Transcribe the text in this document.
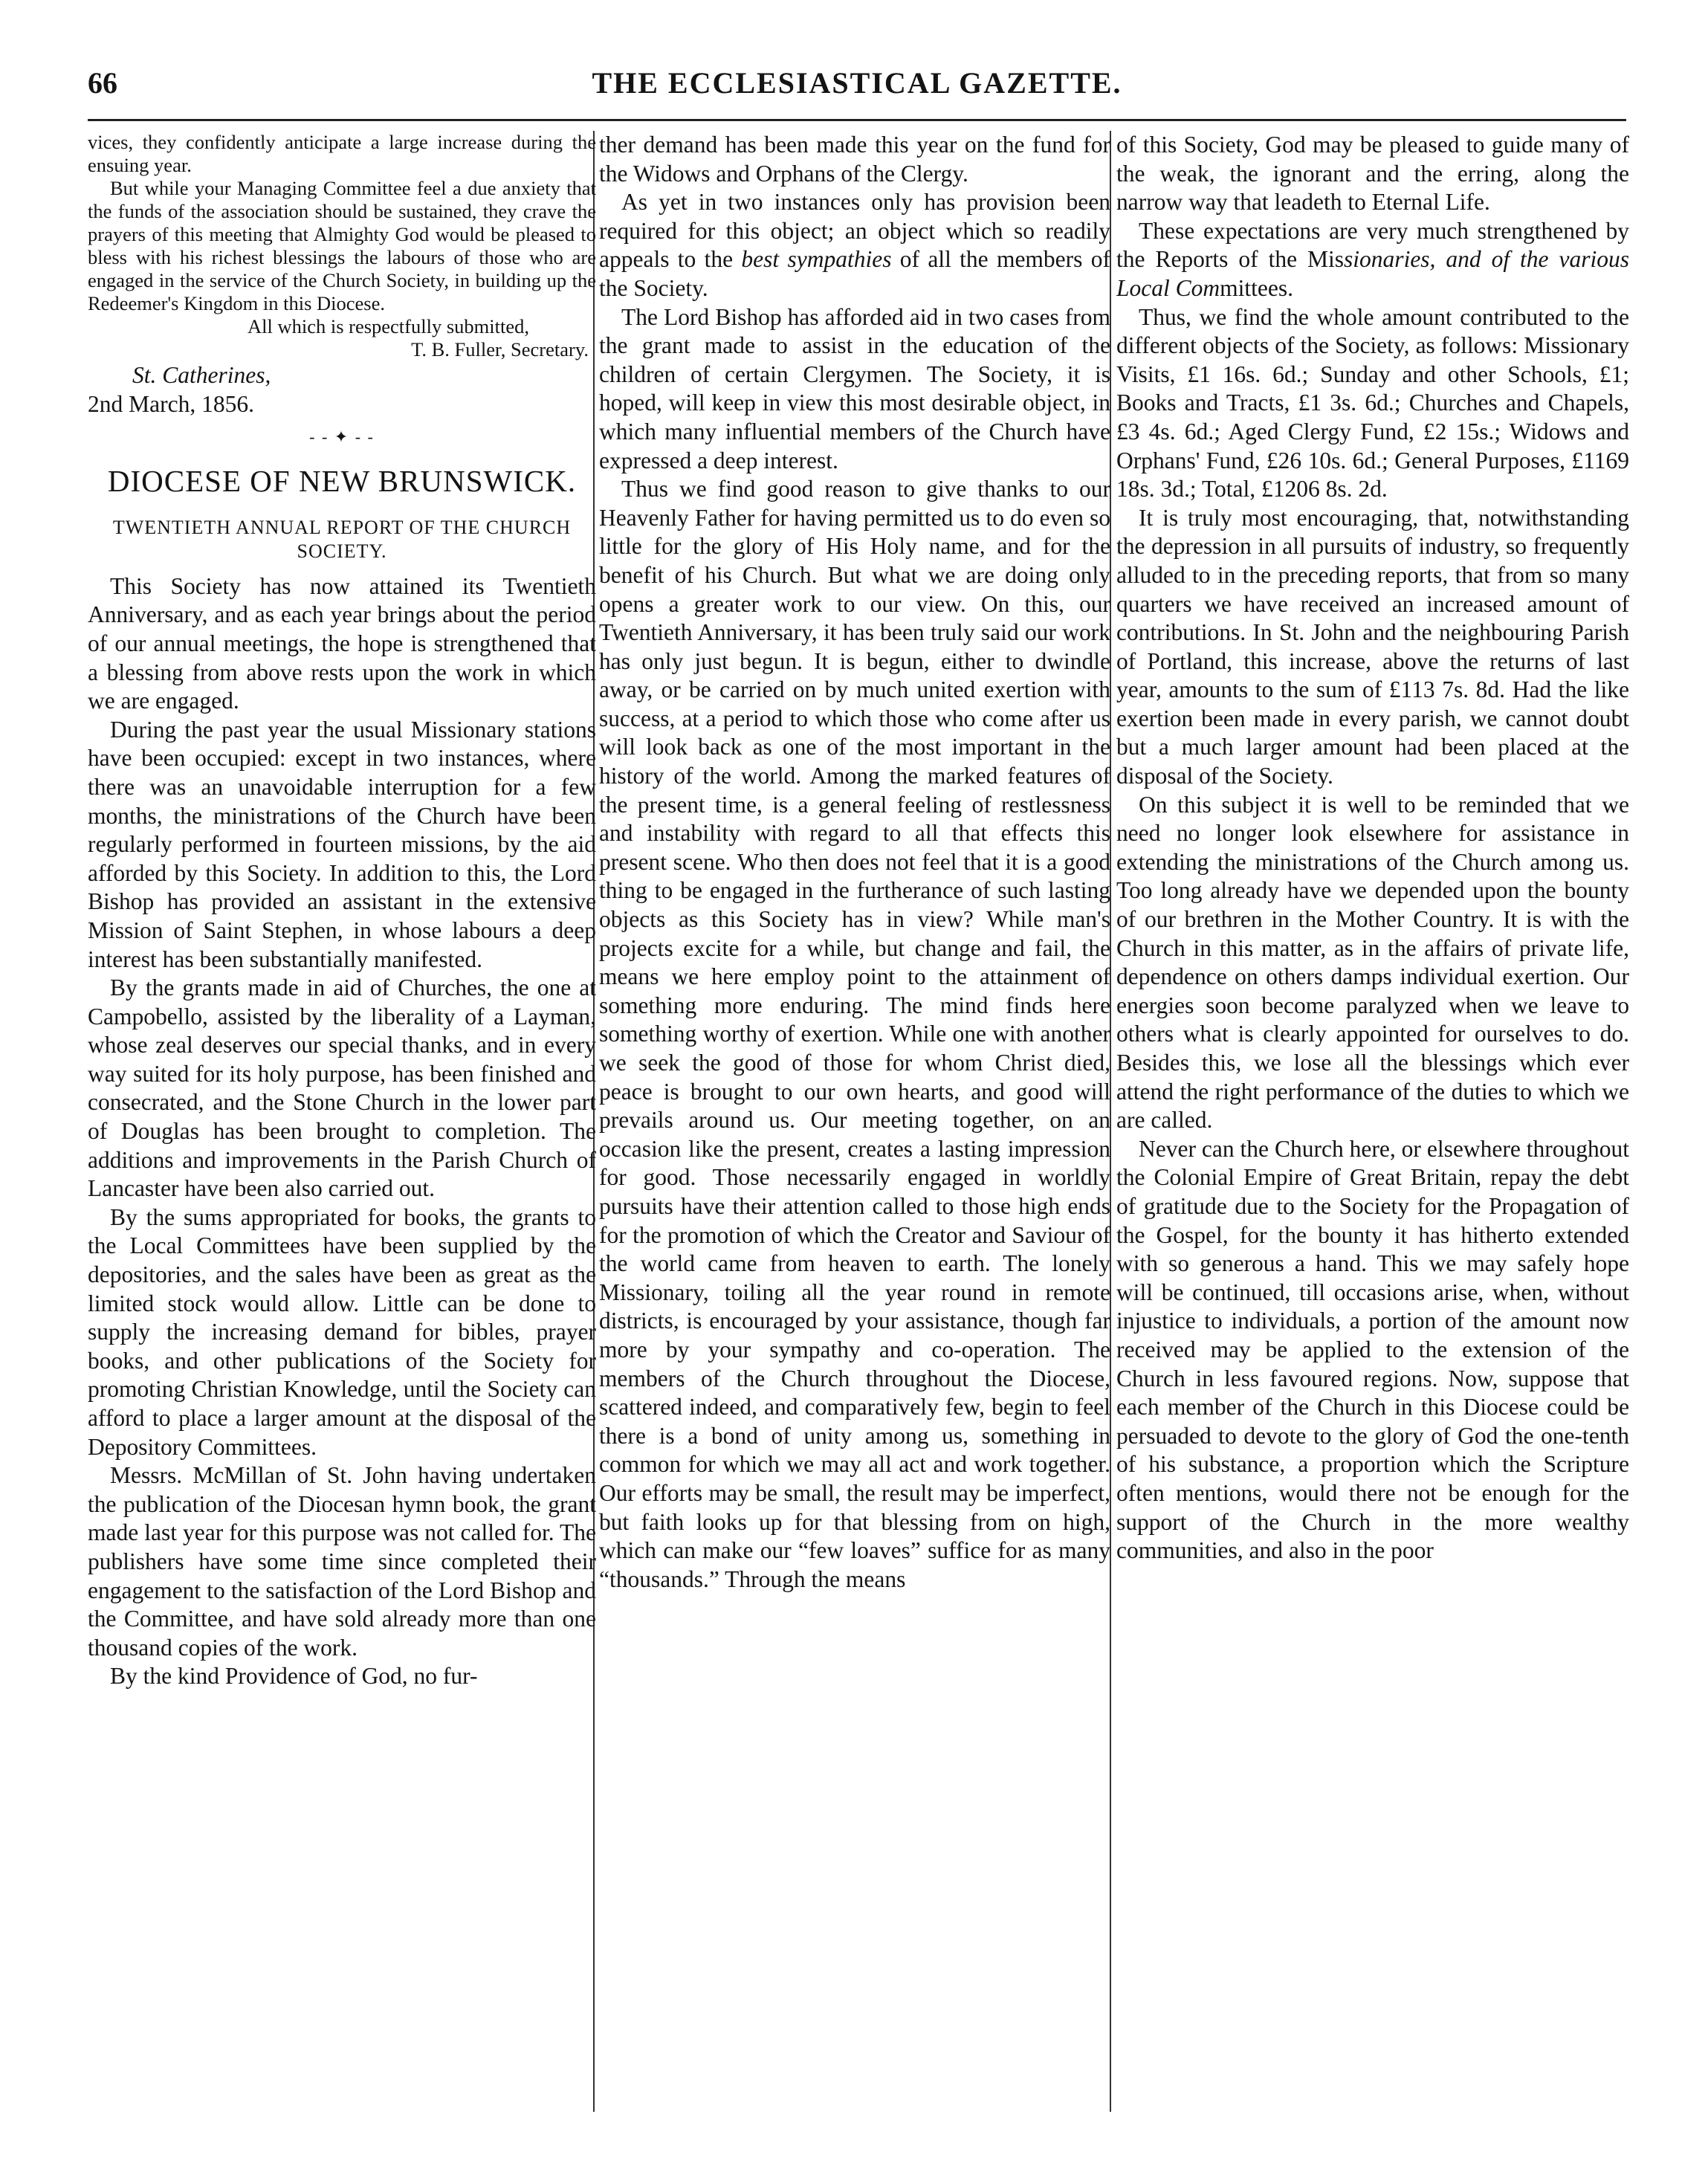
66	THE ECCLESIASTICAL GAZETTE.

vices, they confidently anticipate a large increase during the ensuing year.

But while your Managing Committee feel a due anxiety that the funds of the association should be sustained, they crave the prayers of this meeting that Almighty God would be pleased to bless with his richest blessings the labours of those who are engaged in the service of the Church Society, in building up the Redeemer's Kingdom in this Diocese.

All which is respectfully submitted,

T. B. Fuller, Secretary.

St. Catherines,

2nd March, 1856.

- - ✦ - -
DIOCESE OF NEW BRUNSWICK.
TWENTIETH ANNUAL REPORT OF THE CHURCH SOCIETY.

This Society has now attained its Twentieth Anniversary, and as each year brings about the period of our annual meetings, the hope is strengthened that a blessing from above rests upon the work in which we are engaged.

During the past year the usual Missionary stations have been occupied: except in two instances, where there was an unavoidable interruption for a few months, the ministrations of the Church have been regularly performed in fourteen missions, by the aid afforded by this Society. In addition to this, the Lord Bishop has provided an assistant in the extensive Mission of Saint Stephen, in whose labours a deep interest has been substantially manifested.

By the grants made in aid of Churches, the one at Campobello, assisted by the liberality of a Layman, whose zeal deserves our special thanks, and in every way suited for its holy purpose, has been finished and consecrated, and the Stone Church in the lower part of Douglas has been brought to completion. The additions and improvements in the Parish Church of Lancaster have been also carried out.

By the sums appropriated for books, the grants to the Local Committees have been supplied by the depositories, and the sales have been as great as the limited stock would allow. Little can be done to supply the increasing demand for bibles, prayer books, and other publications of the Society for promoting Christian Knowledge, until the Society can afford to place a larger amount at the disposal of the Depository Committees.

Messrs. McMillan of St. John having undertaken the publication of the Diocesan hymn book, the grant made last year for this purpose was not called for. The publishers have some time since completed their engagement to the satisfaction of the Lord Bishop and the Committee, and have sold already more than one thousand copies of the work.

By the kind Providence of God, no fur-

ther demand has been made this year on the fund for the Widows and Orphans of the Clergy.

As yet in two instances only has provision been required for this object; an object which so readily appeals to the best sympathies of all the members of the Society.

The Lord Bishop has afforded aid in two cases from the grant made to assist in the education of the children of certain Clergymen. The Society, it is hoped, will keep in view this most desirable object, in which many influential members of the Church have expressed a deep interest.

Thus we find good reason to give thanks to our Heavenly Father for having permitted us to do even so little for the glory of His Holy name, and for the benefit of his Church. But what we are doing only opens a greater work to our view. On this, our Twentieth Anniversary, it has been truly said our work has only just begun. It is begun, either to dwindle away, or be carried on by much united exertion with success, at a period to which those who come after us will look back as one of the most important in the history of the world. Among the marked features of the present time, is a general feeling of restlessness and instability with regard to all that effects this present scene. Who then does not feel that it is a good thing to be engaged in the furtherance of such lasting objects as this Society has in view? While man's projects excite for a while, but change and fail, the means we here employ point to the attainment of something more enduring. The mind finds here something worthy of exertion. While one with another we seek the good of those for whom Christ died, peace is brought to our own hearts, and good will prevails around us. Our meeting together, on an occasion like the present, creates a lasting impression for good. Those necessarily engaged in worldly pursuits have their attention called to those high ends for the promotion of which the Creator and Saviour of the world came from heaven to earth. The lonely Missionary, toiling all the year round in remote districts, is encouraged by your assistance, though far more by your sympathy and co-operation. The members of the Church throughout the Diocese, scattered indeed, and comparatively few, begin to feel there is a bond of unity among us, something in common for which we may all act and work together. Our efforts may be small, the result may be imperfect, but faith looks up for that blessing from on high, which can make our “few loaves” suffice for as many “thousands.” Through the means

of this Society, God may be pleased to guide many of the weak, the ignorant and the erring, along the narrow way that leadeth to Eternal Life.

These expectations are very much strengthened by the Reports of the Missionaries, and of the various Local Committees.

Thus, we find the whole amount contributed to the different objects of the Society, as follows: Missionary Visits, £1 16s. 6d.; Sunday and other Schools, £1; Books and Tracts, £1 3s. 6d.; Churches and Chapels, £3 4s. 6d.; Aged Clergy Fund, £2 15s.; Widows and Orphans' Fund, £26 10s. 6d.; General Purposes, £1169 18s. 3d.; Total, £1206 8s. 2d.

It is truly most encouraging, that, notwithstanding the depression in all pursuits of industry, so frequently alluded to in the preceding reports, that from so many quarters we have received an increased amount of contributions. In St. John and the neighbouring Parish of Portland, this increase, above the returns of last year, amounts to the sum of £113 7s. 8d. Had the like exertion been made in every parish, we cannot doubt but a much larger amount had been placed at the disposal of the Society.

On this subject it is well to be reminded that we need no longer look elsewhere for assistance in extending the ministrations of the Church among us. Too long already have we depended upon the bounty of our brethren in the Mother Country. It is with the Church in this matter, as in the affairs of private life, dependence on others damps individual exertion. Our energies soon become paralyzed when we leave to others what is clearly appointed for ourselves to do. Besides this, we lose all the blessings which ever attend the right performance of the duties to which we are called.

Never can the Church here, or elsewhere throughout the Colonial Empire of Great Britain, repay the debt of gratitude due to the Society for the Propagation of the Gospel, for the bounty it has hitherto extended with so generous a hand. This we may safely hope will be continued, till occasions arise, when, without injustice to individuals, a portion of the amount now received may be applied to the extension of the Church in less favoured regions. Now, suppose that each member of the Church in this Diocese could be persuaded to devote to the glory of God the one-tenth of his substance, a proportion which the Scripture often mentions, would there not be enough for the support of the Church in the more wealthy communities, and also in the poor
